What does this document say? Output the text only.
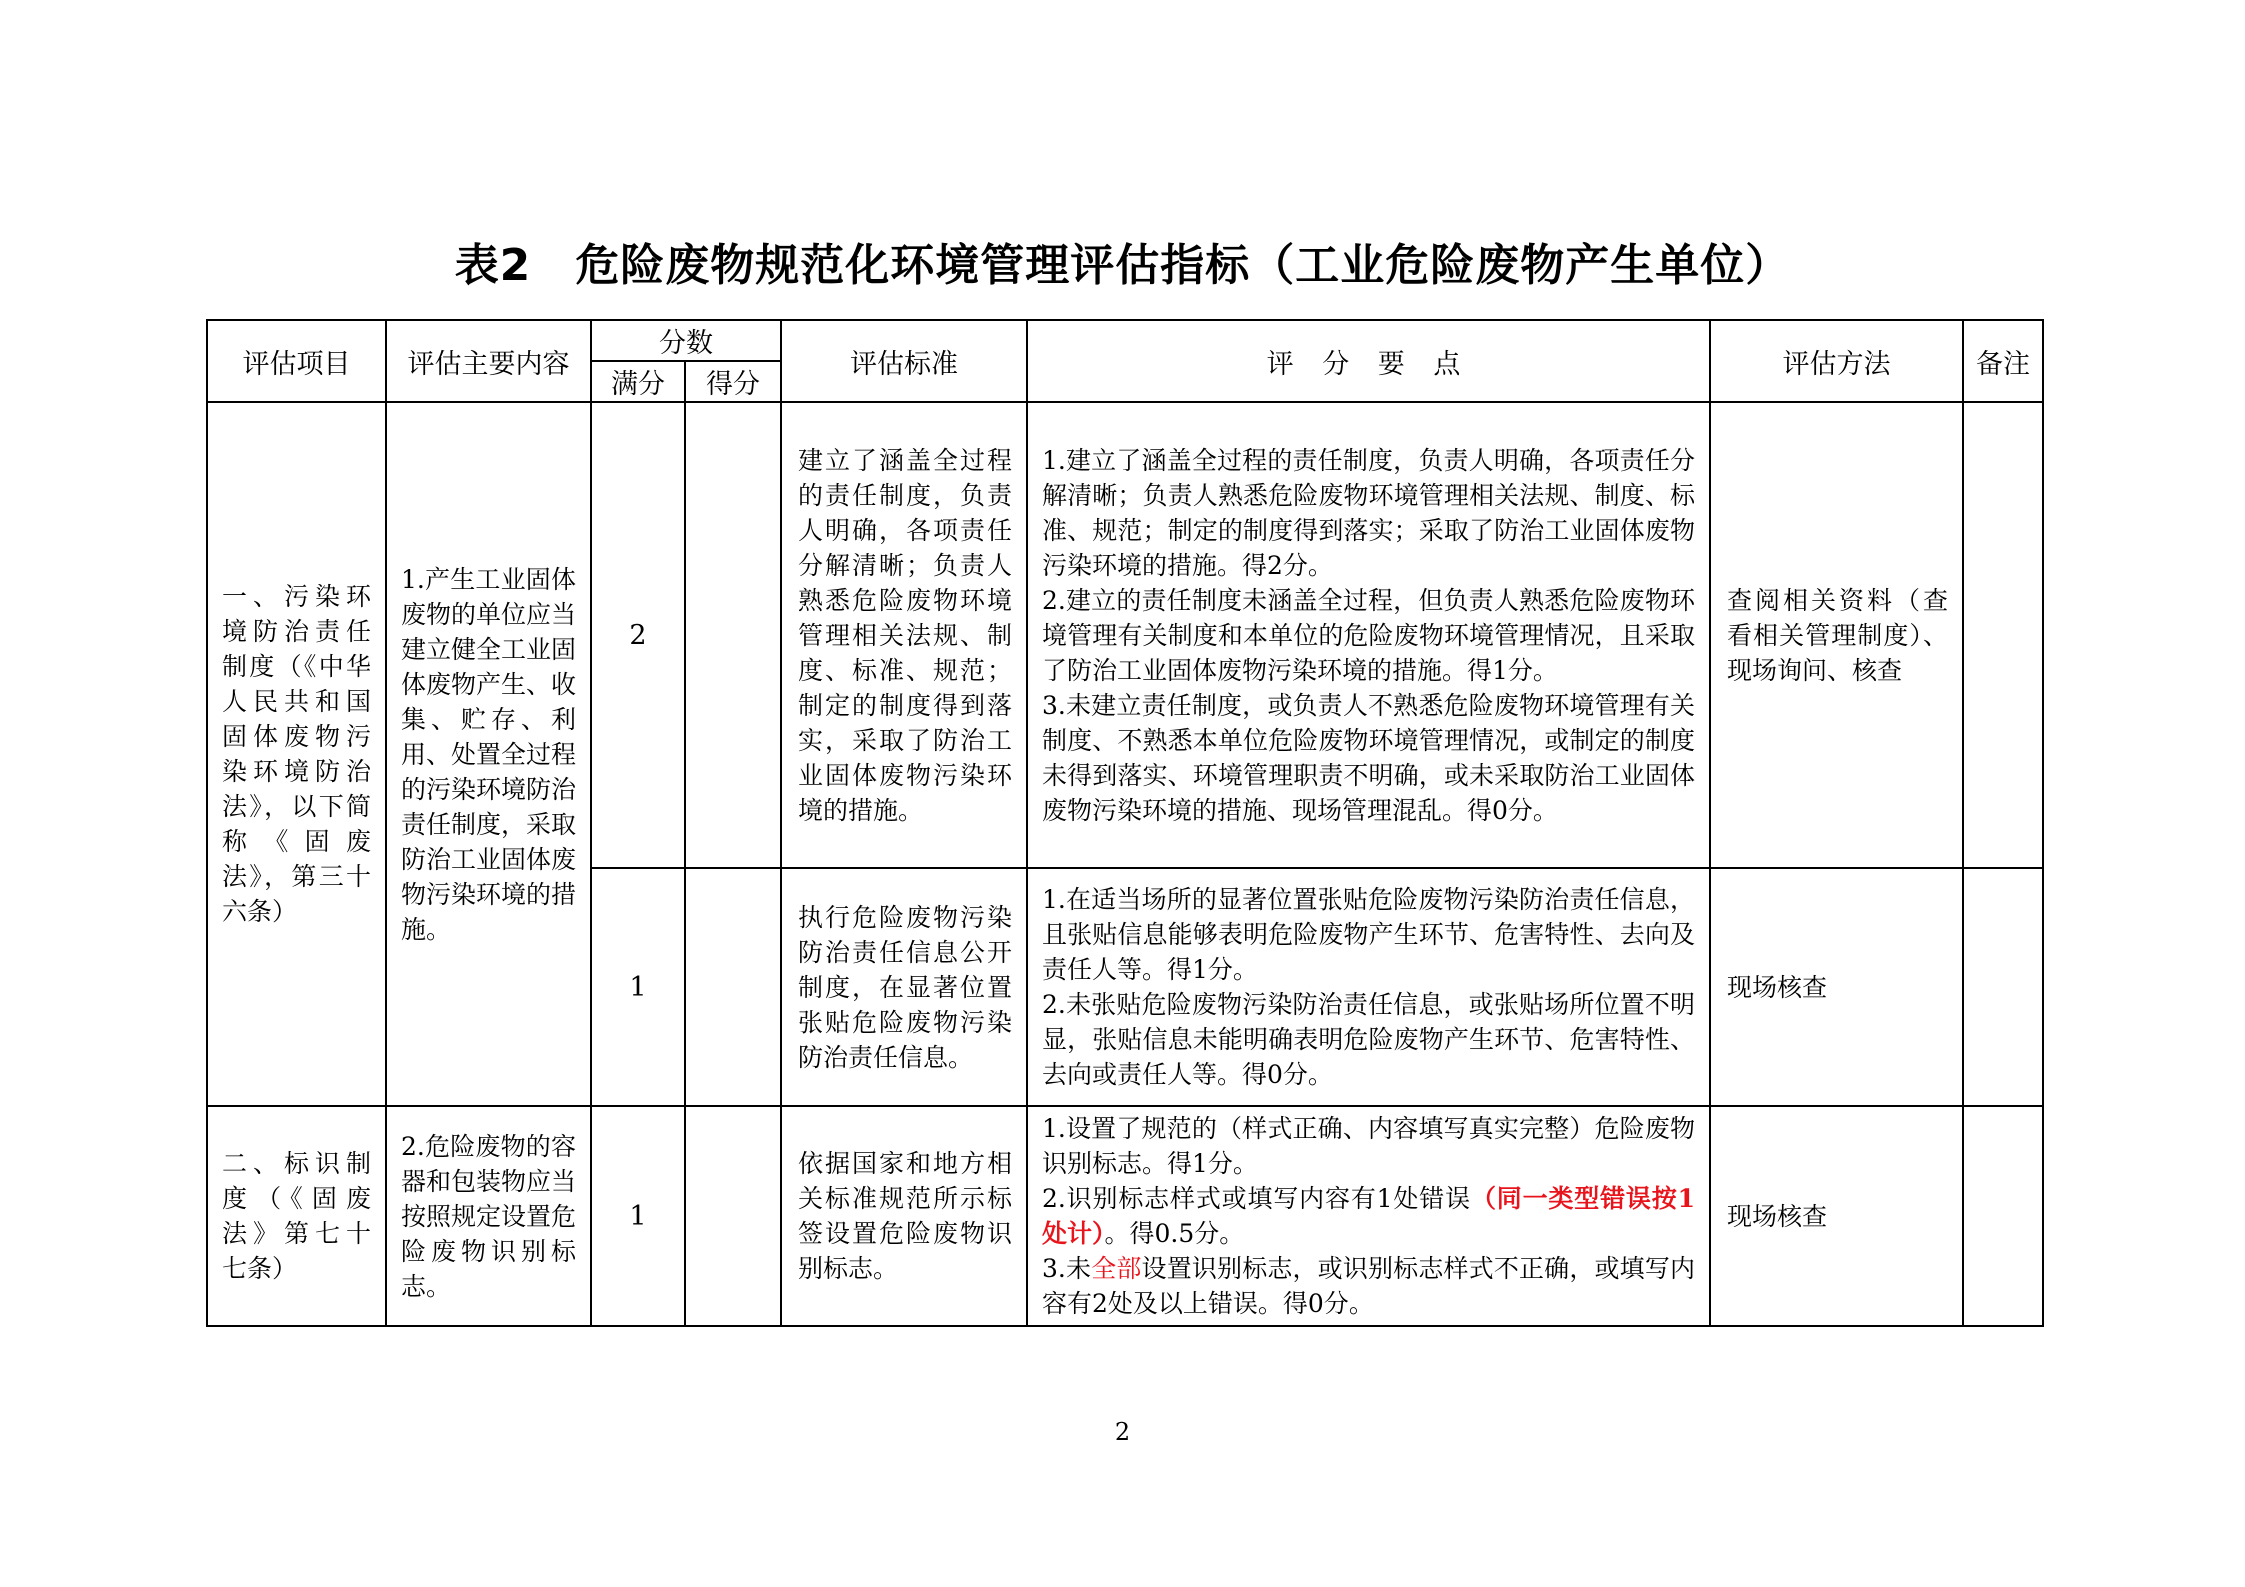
表2 危险废物规范化环境管理评估指标（工业危险废物产生单位）
评估项目	评估主要内容	分数		评估标准	评 分 要 点	评估方法	备注
		满分	得分				
一、污染环境防治责任制度（《中华人民共和国固体废物污染环境防治法》，以下简称《固废法》，第三十六条）	1.产生工业固体废物的单位应当建立健全工业固体废物产生、收集、贮存、利用、处置全过程的污染环境防治责任制度，采取防治工业固体废物污染环境的措施。	2		建立了涵盖全过程的责任制度，负责人明确，各项责任分解清晰；负责人熟悉危险废物环境管理相关法规、制度、标准、规范；制定的制度得到落实，采取了防治工业固体废物污染环境的措施。	1.建立了涵盖全过程的责任制度，负责人明确，各项责任分解清晰；负责人熟悉危险废物环境管理相关法规、制度、标准、规范；制定的制度得到落实；采取了防治工业固体废物污染环境的措施。得2分。
2.建立的责任制度未涵盖全过程，但负责人熟悉危险废物环境管理有关制度和本单位的危险废物环境管理情况，且采取了防治工业固体废物污染环境的措施。得1分。
3.未建立责任制度，或负责人不熟悉危险废物环境管理有关制度、不熟悉本单位危险废物环境管理情况，或制定的制度未得到落实、环境管理职责不明确，或未采取防治工业固体废物污染环境的措施、现场管理混乱。得0分。	查阅相关资料（查看相关管理制度）、现场询问、核查	
		1		执行危险废物污染防治责任信息公开制度，在显著位置张贴危险废物污染防治责任信息。	1.在适当场所的显著位置张贴危险废物污染防治责任信息，且张贴信息能够表明危险废物产生环节、危害特性、去向及责任人等。得1分。
2.未张贴危险废物污染防治责任信息，或张贴场所位置不明显，张贴信息未能明确表明危险废物产生环节、危害特性、去向或责任人等。得0分。	现场核查	
二、标识制度（《固废法》第七十七条）	2.危险废物的容器和包装物应当按照规定设置危险废物识别标志。	1		依据国家和地方相关标准规范所示标签设置危险废物识别标志。	1.设置了规范的（样式正确、内容填写真实完整）危险废物识别标志。得1分。
2.识别标志样式或填写内容有1处错误（同一类型错误按1处计）。得0.5分。
3.未全部设置识别标志，或识别标志样式不正确，或填写内容有2处及以上错误。得0分。	现场核查	
2
